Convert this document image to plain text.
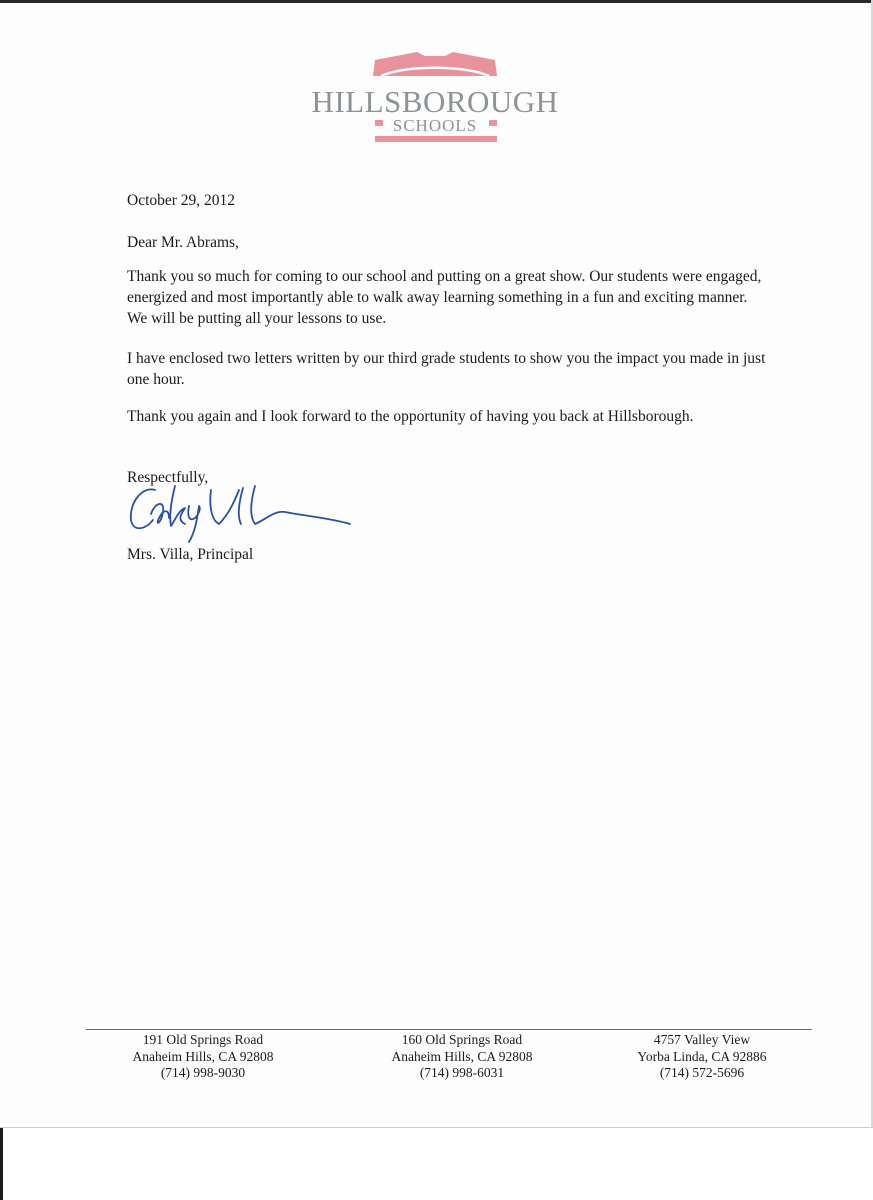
HILLSBOROUGH
SCHOOLS

October 29, 2012

Dear Mr. Abrams,

Thank you so much for coming to our school and putting on a great show. Our students were engaged, energized and most importantly able to walk away learning something in a fun and exciting manner. We will be putting all your lessons to use.

I have enclosed two letters written by our third grade students to show you the impact you made in just one hour.

Thank you again and I look forward to the opportunity of having you back at Hillsborough.

Respectfully,

Mrs. Villa, Principal

191 Old Springs Road
Anaheim Hills, CA 92808
(714) 998-9030
160 Old Springs Road
Anaheim Hills, CA 92808
(714) 998-6031
4757 Valley View
Yorba Linda, CA 92886
(714) 572-5696
